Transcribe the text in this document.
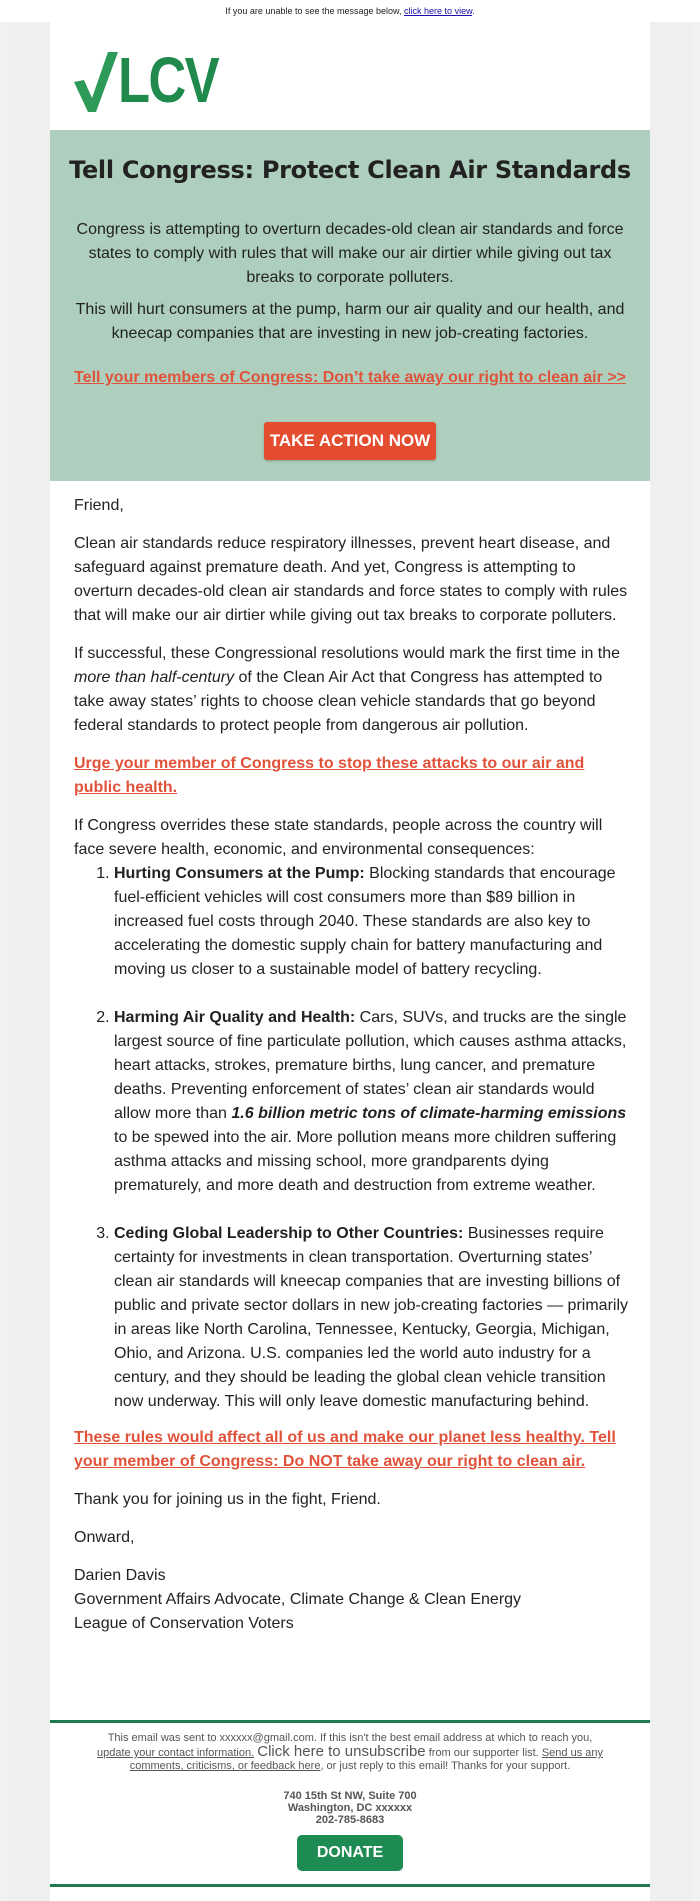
If you are unable to see the message below, click here to view.
LCV
Tell Congress: Protect Clean Air Standards

Congress is attempting to overturn decades-old clean air standards and force states to comply with rules that will make our air dirtier while giving out tax breaks to corporate polluters.

This will hurt consumers at the pump, harm our air quality and our health, and kneecap companies that are investing in new job-creating factories.

Tell your members of Congress: Don’t take away our right to clean air >>

TAKE ACTION NOW

Friend,

Clean air standards reduce respiratory illnesses, prevent heart disease, and safeguard against premature death. And yet, Congress is attempting to overturn decades-old clean air standards and force states to comply with rules that will make our air dirtier while giving out tax breaks to corporate polluters.

If successful, these Congressional resolutions would mark the first time in the more than half-century of the Clean Air Act that Congress has attempted to take away states’ rights to choose clean vehicle standards that go beyond federal standards to protect people from dangerous air pollution.

Urge your member of Congress to stop these attacks to our air and public health.

If Congress overrides these state standards, people across the country will face severe health, economic, and environmental consequences:

1. Hurting Consumers at the Pump: Blocking standards that encourage fuel-efficient vehicles will cost consumers more than $89 billion in increased fuel costs through 2040. These standards are also key to accelerating the domestic supply chain for battery manufacturing and moving us closer to a sustainable model of battery recycling.
2. Harming Air Quality and Health: Cars, SUVs, and trucks are the single largest source of fine particulate pollution, which causes asthma attacks, heart attacks, strokes, premature births, lung cancer, and premature deaths. Preventing enforcement of states’ clean air standards would allow more than 1.6 billion metric tons of climate-harming emissions to be spewed into the air. More pollution means more children suffering asthma attacks and missing school, more grandparents dying prematurely, and more death and destruction from extreme weather.
3. Ceding Global Leadership to Other Countries: Businesses require certainty for investments in clean transportation. Overturning states’ clean air standards will kneecap companies that are investing billions of public and private sector dollars in new job-creating factories — primarily in areas like North Carolina, Tennessee, Kentucky, Georgia, Michigan, Ohio, and Arizona. U.S. companies led the world auto industry for a century, and they should be leading the global clean vehicle transition now underway. This will only leave domestic manufacturing behind.

These rules would affect all of us and make our planet less healthy. Tell your member of Congress: Do NOT take away our right to clean air.

Thank you for joining us in the fight, Friend.

Onward,

Darien Davis
Government Affairs Advocate, Climate Change & Clean Energy
League of Conservation Voters

This email was sent to xxxxxx@gmail.com. If this isn't the best email address at which to reach you,
update your contact information. Click here to unsubscribe from our supporter list. Send us any comments, criticisms, or feedback here, or just reply to this email! Thanks for your support.
740 15th St NW, Suite 700
Washington, DC xxxxxx
202-785-8683
DONATE
